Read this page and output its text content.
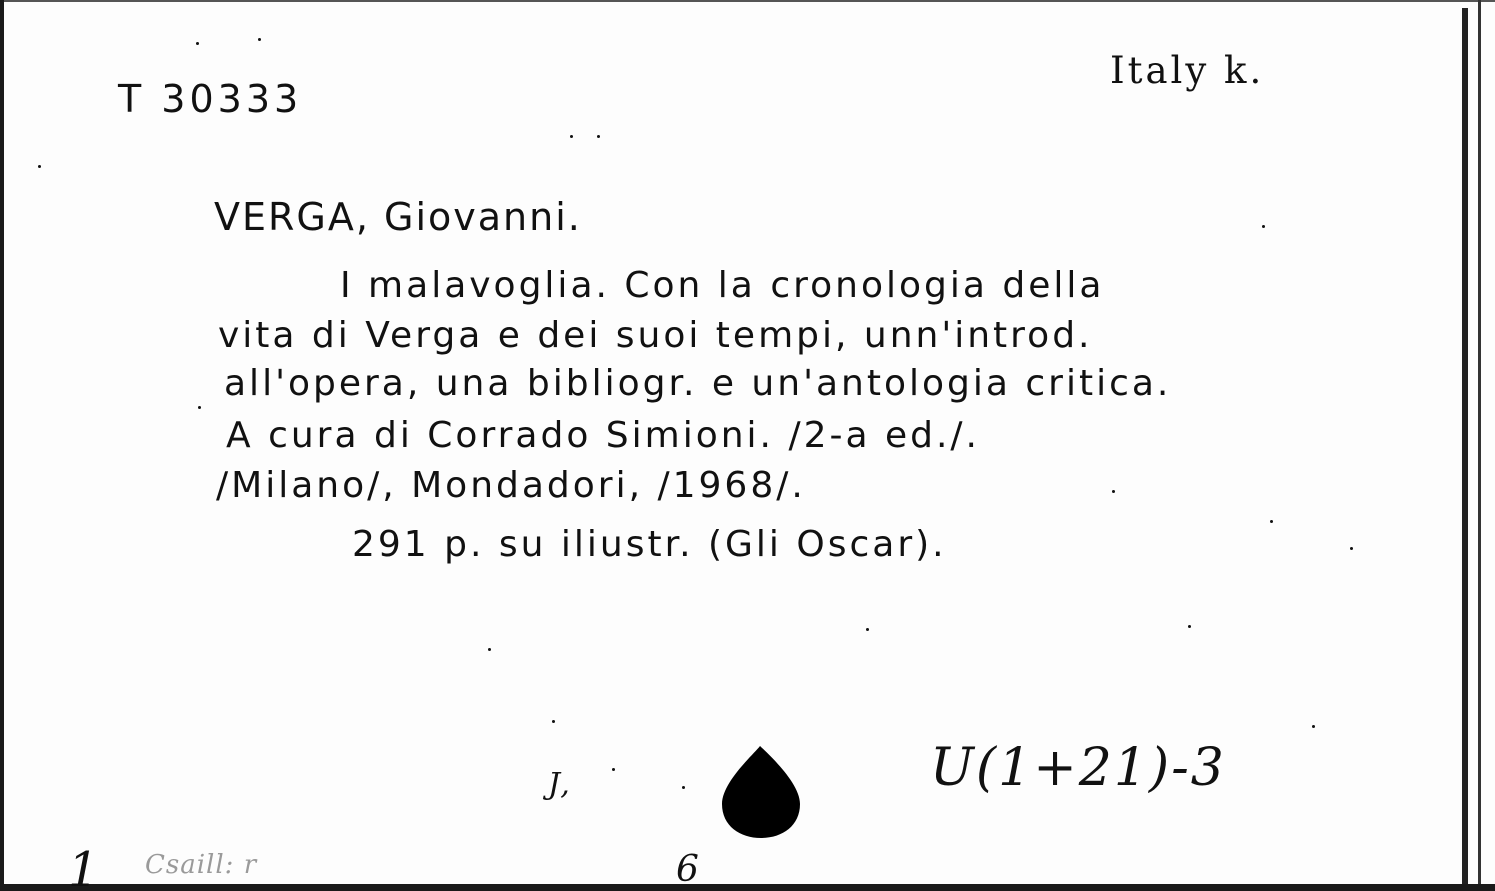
T 30333
Italy k.
VERGA, Giovanni.
I malavoglia. Con la cronologia della
vita di Verga e dei suoi tempi, unn'introd.
all'opera, una bibliogr. e un'antologia critica.
A cura di Corrado Simioni. /2-a ed./.
/Milano/, Mondadori, /1968/.
291 p. su iliustr. (Gli Oscar).
U(1+21)-3
J,
1 Csaill: r	6
